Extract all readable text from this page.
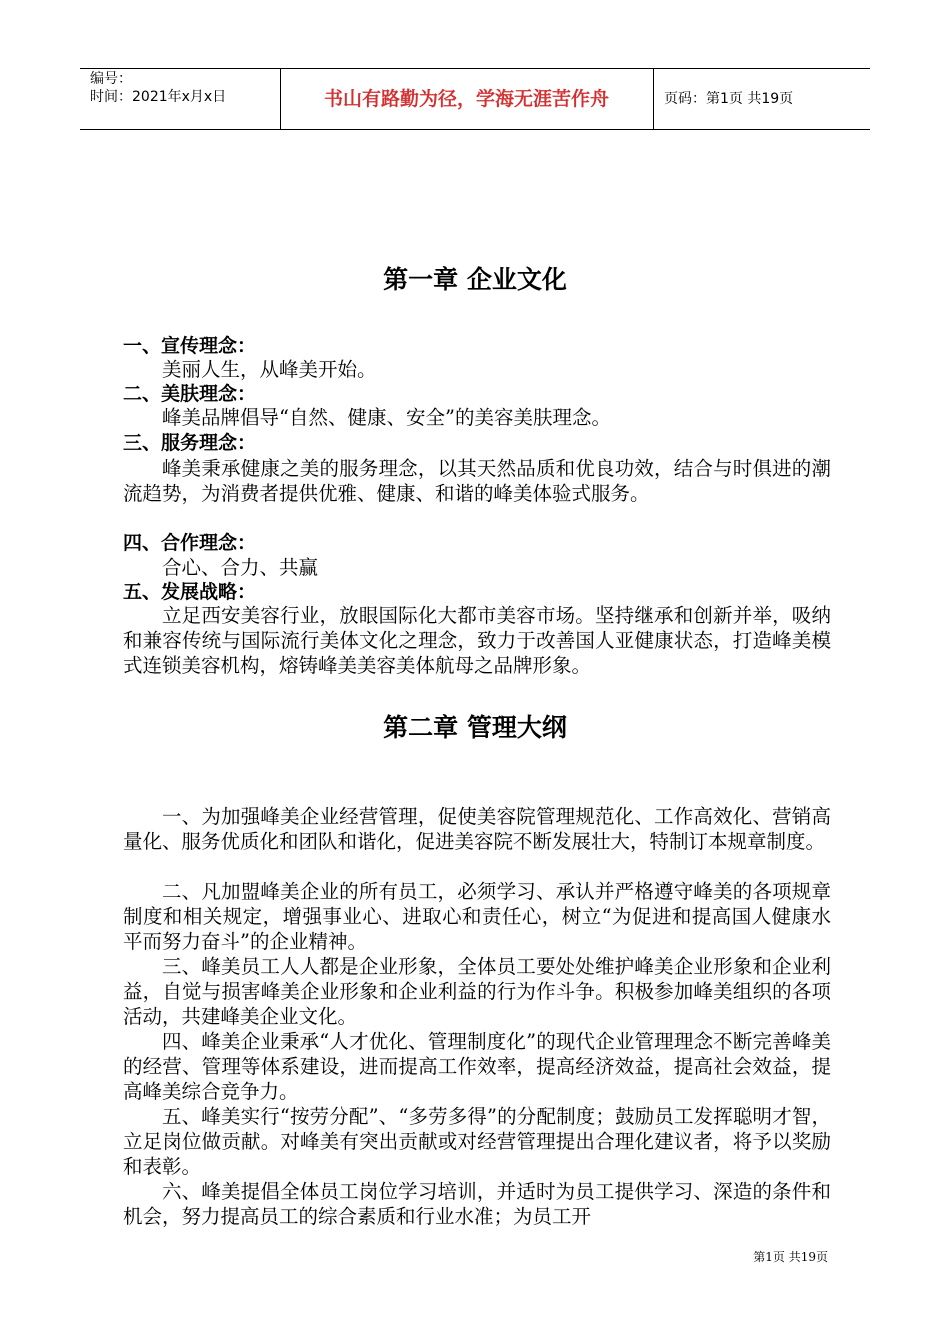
编号：
时间：2021年x月x日	书山有路勤为径，学海无涯苦作舟	页码：第1页 共19页
第一章 企业文化
一、宣传理念：
美丽人生，从峰美开始。
二、美肤理念：
峰美品牌倡导“自然、健康、安全”的美容美肤理念。
三、服务理念：
峰美秉承健康之美的服务理念，以其天然品质和优良功效，结合与时俱进的潮流趋势，为消费者提供优雅、健康、和谐的峰美体验式服务。
四、合作理念：
合心、合力、共赢
五、发展战略：
立足西安美容行业，放眼国际化大都市美容市场。坚持继承和创新并举，吸纳和兼容传统与国际流行美体文化之理念，致力于改善国人亚健康状态，打造峰美模式连锁美容机构，熔铸峰美美容美体航母之品牌形象。
第二章 管理大纲
一、为加强峰美企业经营管理，促使美容院管理规范化、工作高效化、营销高量化、服务优质化和团队和谐化，促进美容院不断发展壮大，特制订本规章制度。
二、凡加盟峰美企业的所有员工，必须学习、承认并严格遵守峰美的各项规章制度和相关规定，增强事业心、进取心和责任心，树立“为促进和提高国人健康水平而努力奋斗”的企业精神。
三、峰美员工人人都是企业形象，全体员工要处处维护峰美企业形象和企业利益，自觉与损害峰美企业形象和企业利益的行为作斗争。积极参加峰美组织的各项活动，共建峰美企业文化。
四、峰美企业秉承“人才优化、管理制度化”的现代企业管理理念不断完善峰美的经营、管理等体系建设，进而提高工作效率，提高经济效益，提高社会效益，提高峰美综合竞争力。
五、峰美实行“按劳分配”、“多劳多得”的分配制度；鼓励员工发挥聪明才智，立足岗位做贡献。对峰美有突出贡献或对经营管理提出合理化建议者，将予以奖励和表彰。
六、峰美提倡全体员工岗位学习培训，并适时为员工提供学习、深造的条件和机会，努力提高员工的综合素质和行业水准；为员工开
第1页 共19页
